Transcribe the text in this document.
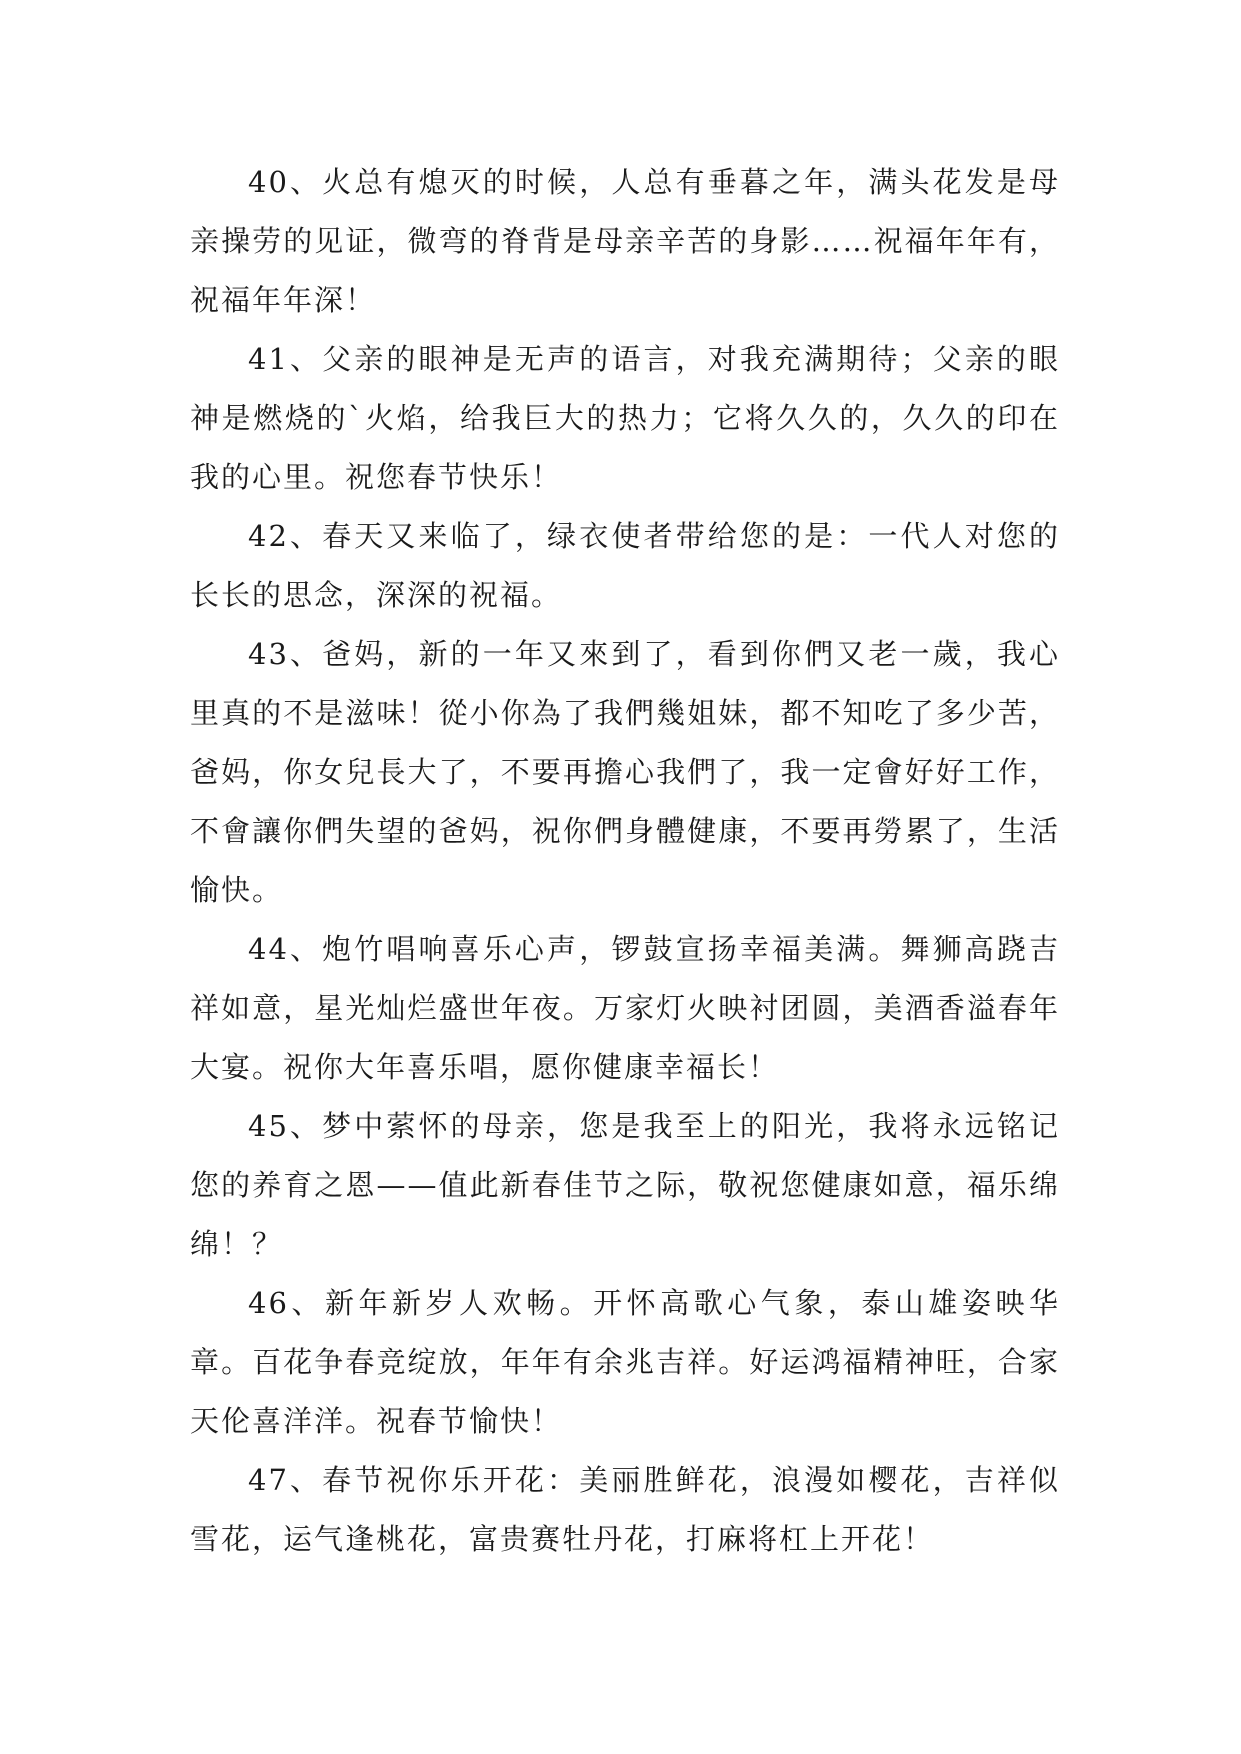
40、火总有熄灭的时候，人总有垂暮之年，满头花发是母亲操劳的见证，微弯的脊背是母亲辛苦的身影……祝福年年有，祝福年年深！

41、父亲的眼神是无声的语言，对我充满期待；父亲的眼神是燃烧的`火焰，给我巨大的热力；它将久久的，久久的印在我的心里。祝您春节快乐！

42、春天又来临了，绿衣使者带给您的是：一代人对您的长长的思念，深深的祝福。

43、爸妈，新的一年又來到了，看到你們又老一歲，我心里真的不是滋味！從小你為了我們幾姐妹，都不知吃了多少苦，爸妈，你女兒長大了，不要再擔心我們了，我一定會好好工作，不會讓你們失望的爸妈，祝你們身體健康，不要再勞累了，生活愉快。

44、炮竹唱响喜乐心声，锣鼓宣扬幸福美满。舞狮高跷吉祥如意，星光灿烂盛世年夜。万家灯火映衬团圆，美酒香溢春年大宴。祝你大年喜乐唱，愿你健康幸福长！

45、梦中萦怀的母亲，您是我至上的阳光，我将永远铭记您的养育之恩——值此新春佳节之际，敬祝您健康如意，福乐绵绵！？

46、新年新岁人欢畅。开怀高歌心气象，泰山雄姿映华章。百花争春竞绽放，年年有余兆吉祥。好运鸿福精神旺，合家天伦喜洋洋。祝春节愉快！

47、春节祝你乐开花：美丽胜鲜花，浪漫如樱花，吉祥似雪花，运气逢桃花，富贵赛牡丹花，打麻将杠上开花！
